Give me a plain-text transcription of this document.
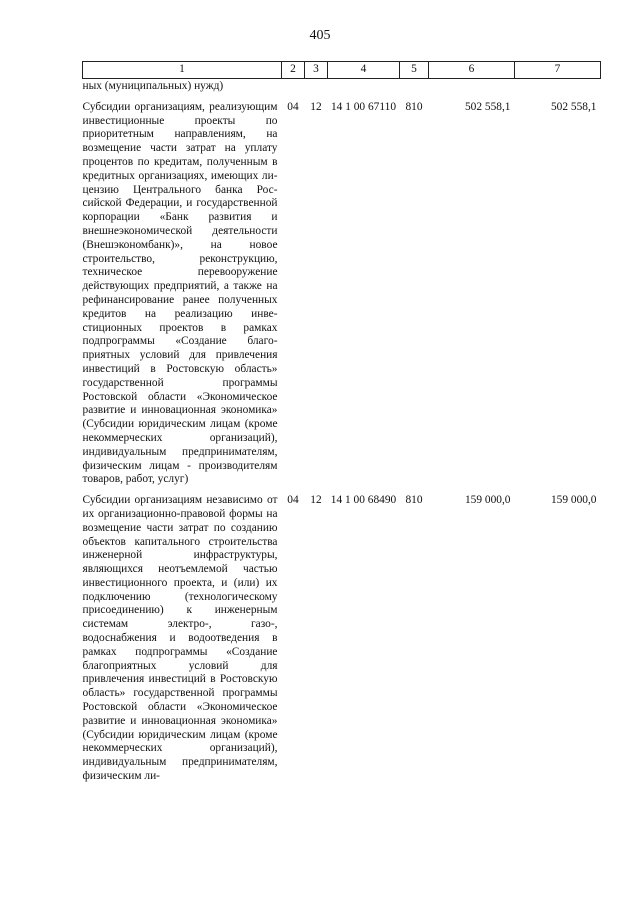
405
1	2	3	4	5	6	7
ных (муниципальных) нужд)						
Субсидии организациям, реализующим инвестиционные проекты по приоритетным направлениям, на возмещение части затрат на уплату процентов по кредитам, полученным в кредитных организациях, имеющих лицензию Центрального банка Российской Федерации, и государственной корпорации «Банк развития и внешнеэкономической деятельности (Внешэкономбанк)», на новое строительство, реконструкцию, техническое перевооружение действующих предприятий, а также на рефинансирование ранее полученных кредитов на реализацию инвестиционных проектов в рамках подпрограммы «Создание благоприятных условий для привлечения инвестиций в Ростовскую область» государственной программы Ростовской области «Экономическое развитие и инновационная экономика» (Субсидии юридическим лицам (кроме некоммерческих организаций), индивидуальным предпринимателям, физическим лицам - производителям товаров, работ, услуг)	04	12	14 1 00 67110	810	502 558,1	502 558,1
Субсидии организациям независимо от их организационно-правовой формы на возмещение части затрат по созданию объектов капитального строительства инженерной инфраструктуры, являющихся неотъемлемой частью инвестиционного проекта, и (или) их подключению (технологическому присоединению) к инженерным системам электро-, газо-, водоснабжения и водоотведения в рамках подпрограммы «Создание благоприятных условий для привлечения инвестиций в Ростовскую область» государственной программы Ростовской области «Экономическое развитие и инновационная экономика» (Субсидии юридическим лицам (кроме некоммерческих организаций), индивидуальным предпринимателям, физическим ли-	04	12	14 1 00 68490	810	159 000,0	159 000,0
